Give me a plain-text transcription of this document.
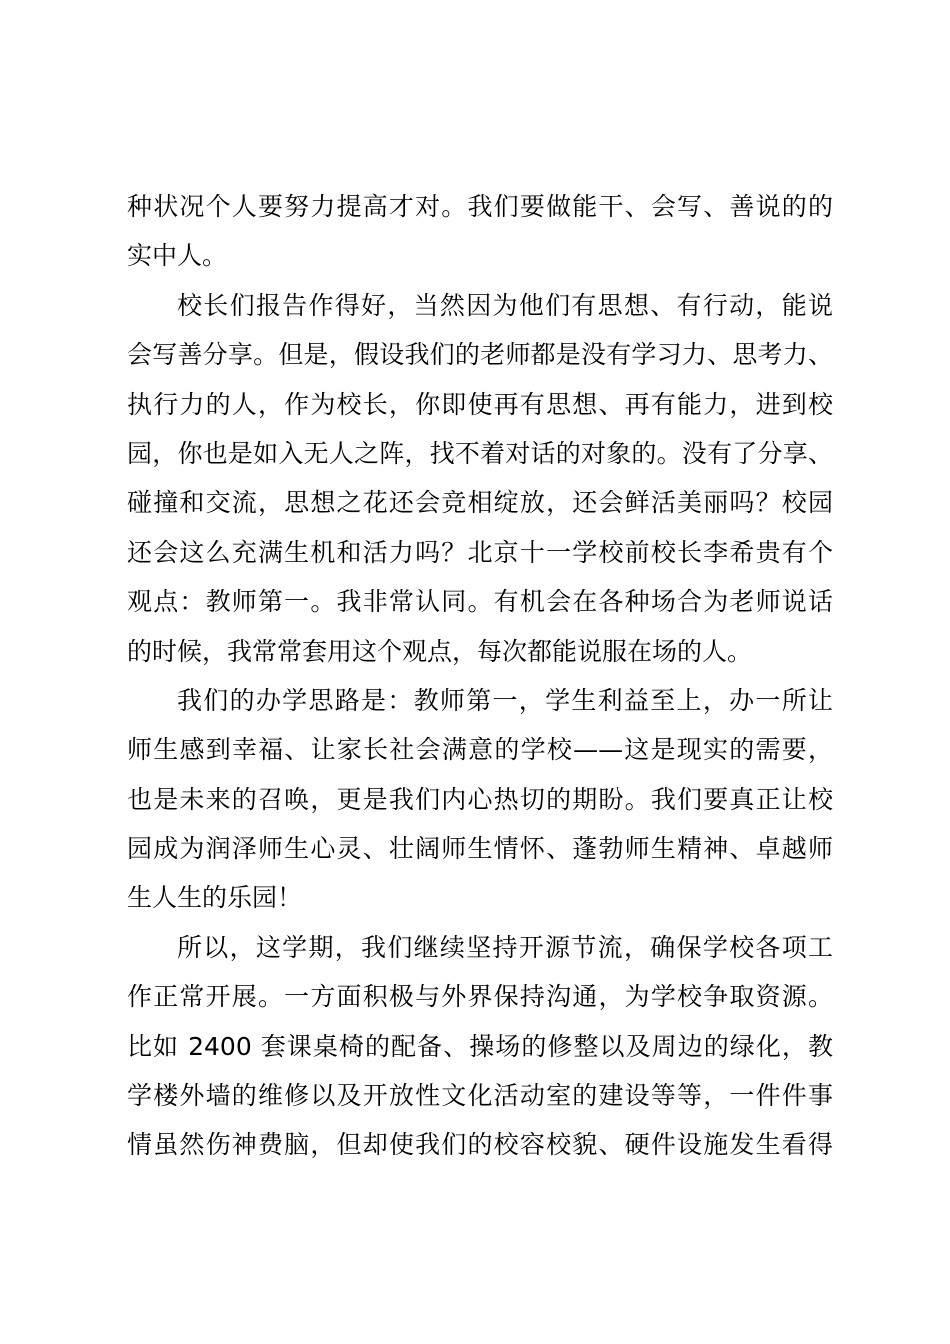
种状况个人要努力提高才对。我们要做能干、会写、善说的的
实中人。
校长们报告作得好，当然因为他们有思想、有行动，能说
会写善分享。但是，假设我们的老师都是没有学习力、思考力、
执行力的人，作为校长，你即使再有思想、再有能力，进到校
园，你也是如入无人之阵，找不着对话的对象的。没有了分享、
碰撞和交流，思想之花还会竞相绽放，还会鲜活美丽吗？校园
还会这么充满生机和活力吗？北京十一学校前校长李希贵有个
观点：教师第一。我非常认同。有机会在各种场合为老师说话
的时候，我常常套用这个观点，每次都能说服在场的人。
我们的办学思路是：教师第一，学生利益至上，办一所让
师生感到幸福、让家长社会满意的学校——这是现实的需要，
也是未来的召唤，更是我们内心热切的期盼。我们要真正让校
园成为润泽师生心灵、壮阔师生情怀、蓬勃师生精神、卓越师
生人生的乐园！
所以，这学期，我们继续坚持开源节流，确保学校各项工
作正常开展。一方面积极与外界保持沟通，为学校争取资源。
比如 2400 套课桌椅的配备、操场的修整以及周边的绿化，教
学楼外墙的维修以及开放性文化活动室的建设等等，一件件事
情虽然伤神费脑，但却使我们的校容校貌、硬件设施发生看得
